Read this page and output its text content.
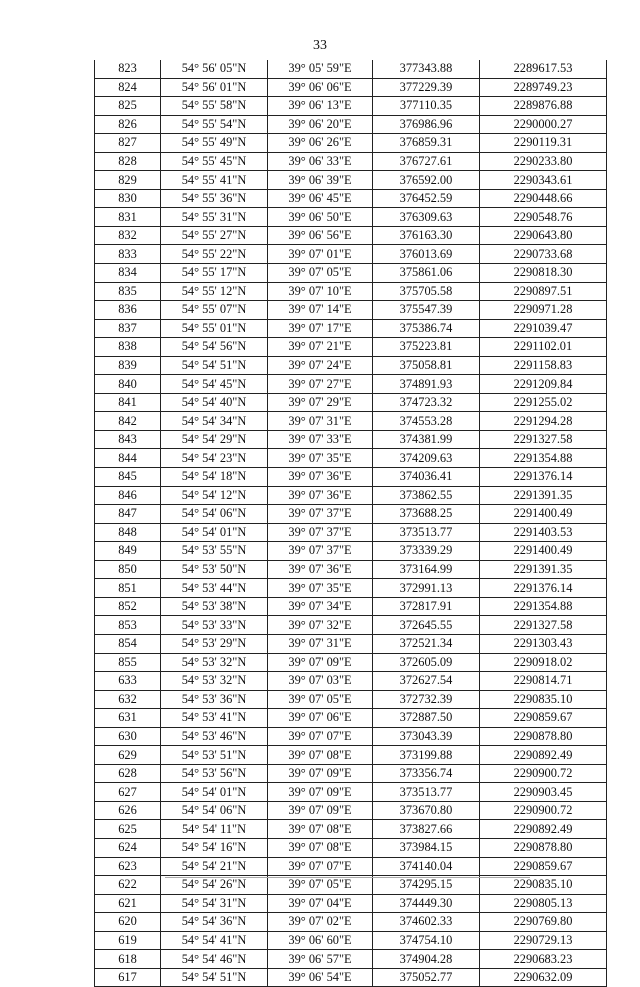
33
823	54° 56' 05"N	39° 05' 59"E	377343.88	2289617.53
824	54° 56' 01"N	39° 06' 06"E	377229.39	2289749.23
825	54° 55' 58"N	39° 06' 13"E	377110.35	2289876.88
826	54° 55' 54"N	39° 06' 20"E	376986.96	2290000.27
827	54° 55' 49"N	39° 06' 26"E	376859.31	2290119.31
828	54° 55' 45"N	39° 06' 33"E	376727.61	2290233.80
829	54° 55' 41"N	39° 06' 39"E	376592.00	2290343.61
830	54° 55' 36"N	39° 06' 45"E	376452.59	2290448.66
831	54° 55' 31"N	39° 06' 50"E	376309.63	2290548.76
832	54° 55' 27"N	39° 06' 56"E	376163.30	2290643.80
833	54° 55' 22"N	39° 07' 01"E	376013.69	2290733.68
834	54° 55' 17"N	39° 07' 05"E	375861.06	2290818.30
835	54° 55' 12"N	39° 07' 10"E	375705.58	2290897.51
836	54° 55' 07"N	39° 07' 14"E	375547.39	2290971.28
837	54° 55' 01"N	39° 07' 17"E	375386.74	2291039.47
838	54° 54' 56"N	39° 07' 21"E	375223.81	2291102.01
839	54° 54' 51"N	39° 07' 24"E	375058.81	2291158.83
840	54° 54' 45"N	39° 07' 27"E	374891.93	2291209.84
841	54° 54' 40"N	39° 07' 29"E	374723.32	2291255.02
842	54° 54' 34"N	39° 07' 31"E	374553.28	2291294.28
843	54° 54' 29"N	39° 07' 33"E	374381.99	2291327.58
844	54° 54' 23"N	39° 07' 35"E	374209.63	2291354.88
845	54° 54' 18"N	39° 07' 36"E	374036.41	2291376.14
846	54° 54' 12"N	39° 07' 36"E	373862.55	2291391.35
847	54° 54' 06"N	39° 07' 37"E	373688.25	2291400.49
848	54° 54' 01"N	39° 07' 37"E	373513.77	2291403.53
849	54° 53' 55"N	39° 07' 37"E	373339.29	2291400.49
850	54° 53' 50"N	39° 07' 36"E	373164.99	2291391.35
851	54° 53' 44"N	39° 07' 35"E	372991.13	2291376.14
852	54° 53' 38"N	39° 07' 34"E	372817.91	2291354.88
853	54° 53' 33"N	39° 07' 32"E	372645.55	2291327.58
854	54° 53' 29"N	39° 07' 31"E	372521.34	2291303.43
855	54° 53' 32"N	39° 07' 09"E	372605.09	2290918.02
633	54° 53' 32"N	39° 07' 03"E	372627.54	2290814.71
632	54° 53' 36"N	39° 07' 05"E	372732.39	2290835.10
631	54° 53' 41"N	39° 07' 06"E	372887.50	2290859.67
630	54° 53' 46"N	39° 07' 07"E	373043.39	2290878.80
629	54° 53' 51"N	39° 07' 08"E	373199.88	2290892.49
628	54° 53' 56"N	39° 07' 09"E	373356.74	2290900.72
627	54° 54' 01"N	39° 07' 09"E	373513.77	2290903.45
626	54° 54' 06"N	39° 07' 09"E	373670.80	2290900.72
625	54° 54' 11"N	39° 07' 08"E	373827.66	2290892.49
624	54° 54' 16"N	39° 07' 08"E	373984.15	2290878.80
623	54° 54' 21"N	39° 07' 07"E	374140.04	2290859.67
622	54° 54' 26"N	39° 07' 05"E	374295.15	2290835.10
621	54° 54' 31"N	39° 07' 04"E	374449.30	2290805.13
620	54° 54' 36"N	39° 07' 02"E	374602.33	2290769.80
619	54° 54' 41"N	39° 06' 60"E	374754.10	2290729.13
618	54° 54' 46"N	39° 06' 57"E	374904.28	2290683.23
617	54° 54' 51"N	39° 06' 54"E	375052.77	2290632.09
